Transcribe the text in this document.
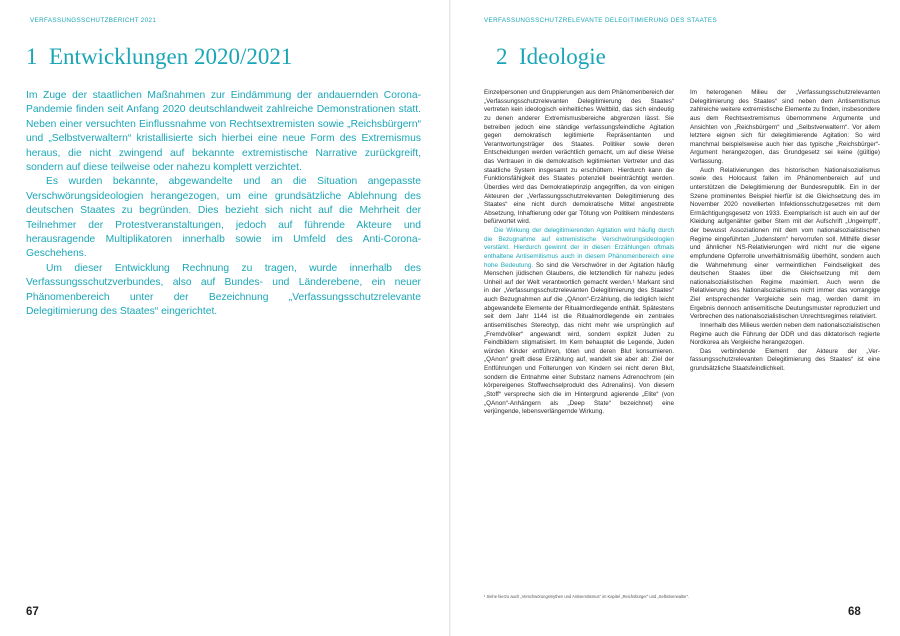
VERFASSUNGSSCHUTZBERICHT 2021
1 Entwicklungen 2020/2021

Im Zuge der staatlichen Maßnahmen zur Eindämmung der andauernden Corona-Pandemie finden seit Anfang 2020 deutschlandweit zahlreiche Demonstrationen statt. Neben einer versuchten Einflussnahme von Rechtsextremisten sowie „Reichsbürgern“ und „Selbstverwaltern“ kristallisierte sich hierbei eine neue Form des Extremismus heraus, die nicht zwingend auf bekannte extremistische Narrative zurückgreift, sondern auf diese teilweise oder nahezu komplett verzichtet.

Es wurden bekannte, abgewandelte und an die Situation angepasste Verschwörungsideologien herangezogen, um eine grundsätzliche Ablehnung des deutschen Staates zu begründen. Dies bezieht sich nicht auf die Mehrheit der Teilnehmer der Protestveranstaltungen, jedoch auf führende Akteure und herausragende Multiplikatoren innerhalb sowie im Umfeld des Anti-Corona-Geschehens.

Um dieser Entwicklung Rechnung zu tragen, wurde innerhalb des Verfassungsschutzverbundes, also auf Bundes- und Länderebene, ein neuer Phänomenbereich unter der Bezeichnung „Verfassungsschutzrelevante Delegitimierung des Staates“ eingerichtet.

67
VERFASSUNGSSCHUTZRELEVANTE DELEGITIMIERUNG DES STAATES
2 Ideologie

Einzelpersonen und Gruppierungen aus dem Phänomenbereich der „Verfassungsschutzrelevanten Delegitimierung des Staates“ vertreten kein ideologisch einheitliches Weltbild, das sich eindeutig zu denen anderer Extremismusbereiche abgrenzen lässt. Sie betreiben jedoch eine ständige verfassungsfeindliche Agitation gegen demokratisch legitimierte Repräsentanten und Verantwortungsträger des Staates. Politiker sowie deren Entscheidungen werden verächtlich gemacht, um auf diese Weise das Vertrauen in die demokratisch legitimierten Vertreter und das staatliche System insgesamt zu erschüttern. Hierdurch kann die Funktionsfähigkeit des Staates potenziell beeinträchtigt werden. Überdies wird das Demokratieprinzip angegriffen, da von einigen Akteuren der „Verfassungsschutzrelevanten Delegitimierung des Staates“ eine nicht durch demokratische Mittel angestrebte Absetzung, Inhaftierung oder gar Tötung von Politikern mindestens befürwortet wird.

Die Wirkung der delegitimierenden Agitation wird häufig durch die Bezugnahme auf extremistische Verschwörungsideologien verstärkt. Hierdurch gewinnt der in diesen Erzählungen oftmals enthaltene Antisemitismus auch in diesem Phänomenbereich eine hohe Bedeutung. So sind die Verschwörer in der Agitation häufig Menschen jüdischen Glaubens, die letztendlich für nahezu jedes Unheil auf der Welt verantwortlich gemacht werden.¹ Markant sind in der „Verfassungsschutzrelevanten Delegitimierung des Staates“ auch Bezugnahmen auf die „QAnon“-Erzählung, die lediglich leicht abgewandelte Elemente der Ritualmordlegende enthält. Spätestens seit dem Jahr 1144 ist die Ritualmordlegende ein zentrales antisemitisches Stereotyp, das nicht mehr wie ursprünglich auf „Fremdvölker“ angewandt wird, sondern explizit Juden zu Feindbildern stigmatisiert. Im Kern behauptet die Legende, Juden würden Kinder entführen, töten und deren Blut konsumieren. „QAnon“ greift diese Erzählung auf, wandelt sie aber ab: Ziel der Entführungen und Folterungen von Kindern sei nicht deren Blut, sondern die Entnahme einer Substanz namens Adrenochrom (ein körpereigenes Stoffwechselprodukt des Adrenalins). Von diesem „Stoff“ verspreche sich die im Hintergrund agierende „Elite“ (von „QAnon“-Anhängern als „Deep State“ bezeichnet) eine verjüngende, lebensverlängernde Wirkung.

Im heterogenen Milieu der „Verfassungsschutzrelevanten Delegitimierung des Staates“ sind neben dem Antisemitismus zahlreiche weitere extremistische Elemente zu finden, insbesondere aus dem Rechtsextremismus übernommene Argumente und Ansichten von „Reichsbürgern“ und „Selbstverwaltern“. Vor allem letztere eignen sich für delegitimierende Agitation: So wird manchmal beispielsweise auch hier das typische „Reichsbürger“-Argument herangezogen, das Grundgesetz sei keine (gültige) Verfassung.

Auch Relativierungen des historischen Nationalsozialismus sowie des Holocaust fallen im Phänomenbereich auf und unterstützen die Delegitimierung der Bundesrepublik. Ein in der Szene prominentes Beispiel hierfür ist die Gleichsetzung des im November 2020 novellierten Infektionsschutzgesetzes mit dem Ermächtigungsgesetz von 1933. Exemplarisch ist auch ein auf der Kleidung aufgenähter gelber Stern mit der Aufschrift „Ungeimpft“, der bewusst Assoziationen mit dem vom nationalsozialistischen Regime eingeführten „Judenstern“ hervorrufen soll. Mithilfe dieser und ähnlicher NS-Relativierungen wird nicht nur die eigene empfundene Opferrolle unverhältnismäßig überhöht, sondern auch die Wahrnehmung einer vermeintlichen Feindseligkeit des deutschen Staates über die Gleichsetzung mit dem nationalsozialistischen Regime maximiert. Auch wenn die Relativierung des Nationalsozialismus nicht immer das vorrangige Ziel entsprechender Vergleiche sein mag, werden damit im Ergebnis dennoch antisemitische Deutungsmuster reproduziert und Verbrechen des nationalsozialistischen Unrechtsregimes relativiert.

Innerhalb des Milieus werden neben dem nationalsozialistischen Regime auch die Führung der DDR und das diktatorisch regierte Nordkorea als Vergleiche herangezogen.

Das verbindende Element der Akteure der „Verfassungsschutzrelevanten Delegitimierung des Staates“ ist eine grundsätzliche Staatsfeindlichkeit.

68
¹ Siehe hierzu auch „Verschwörungsmythen und Antisemitismus“ im Kapitel „Reichsbürger“ und „Selbstverwalter“.
